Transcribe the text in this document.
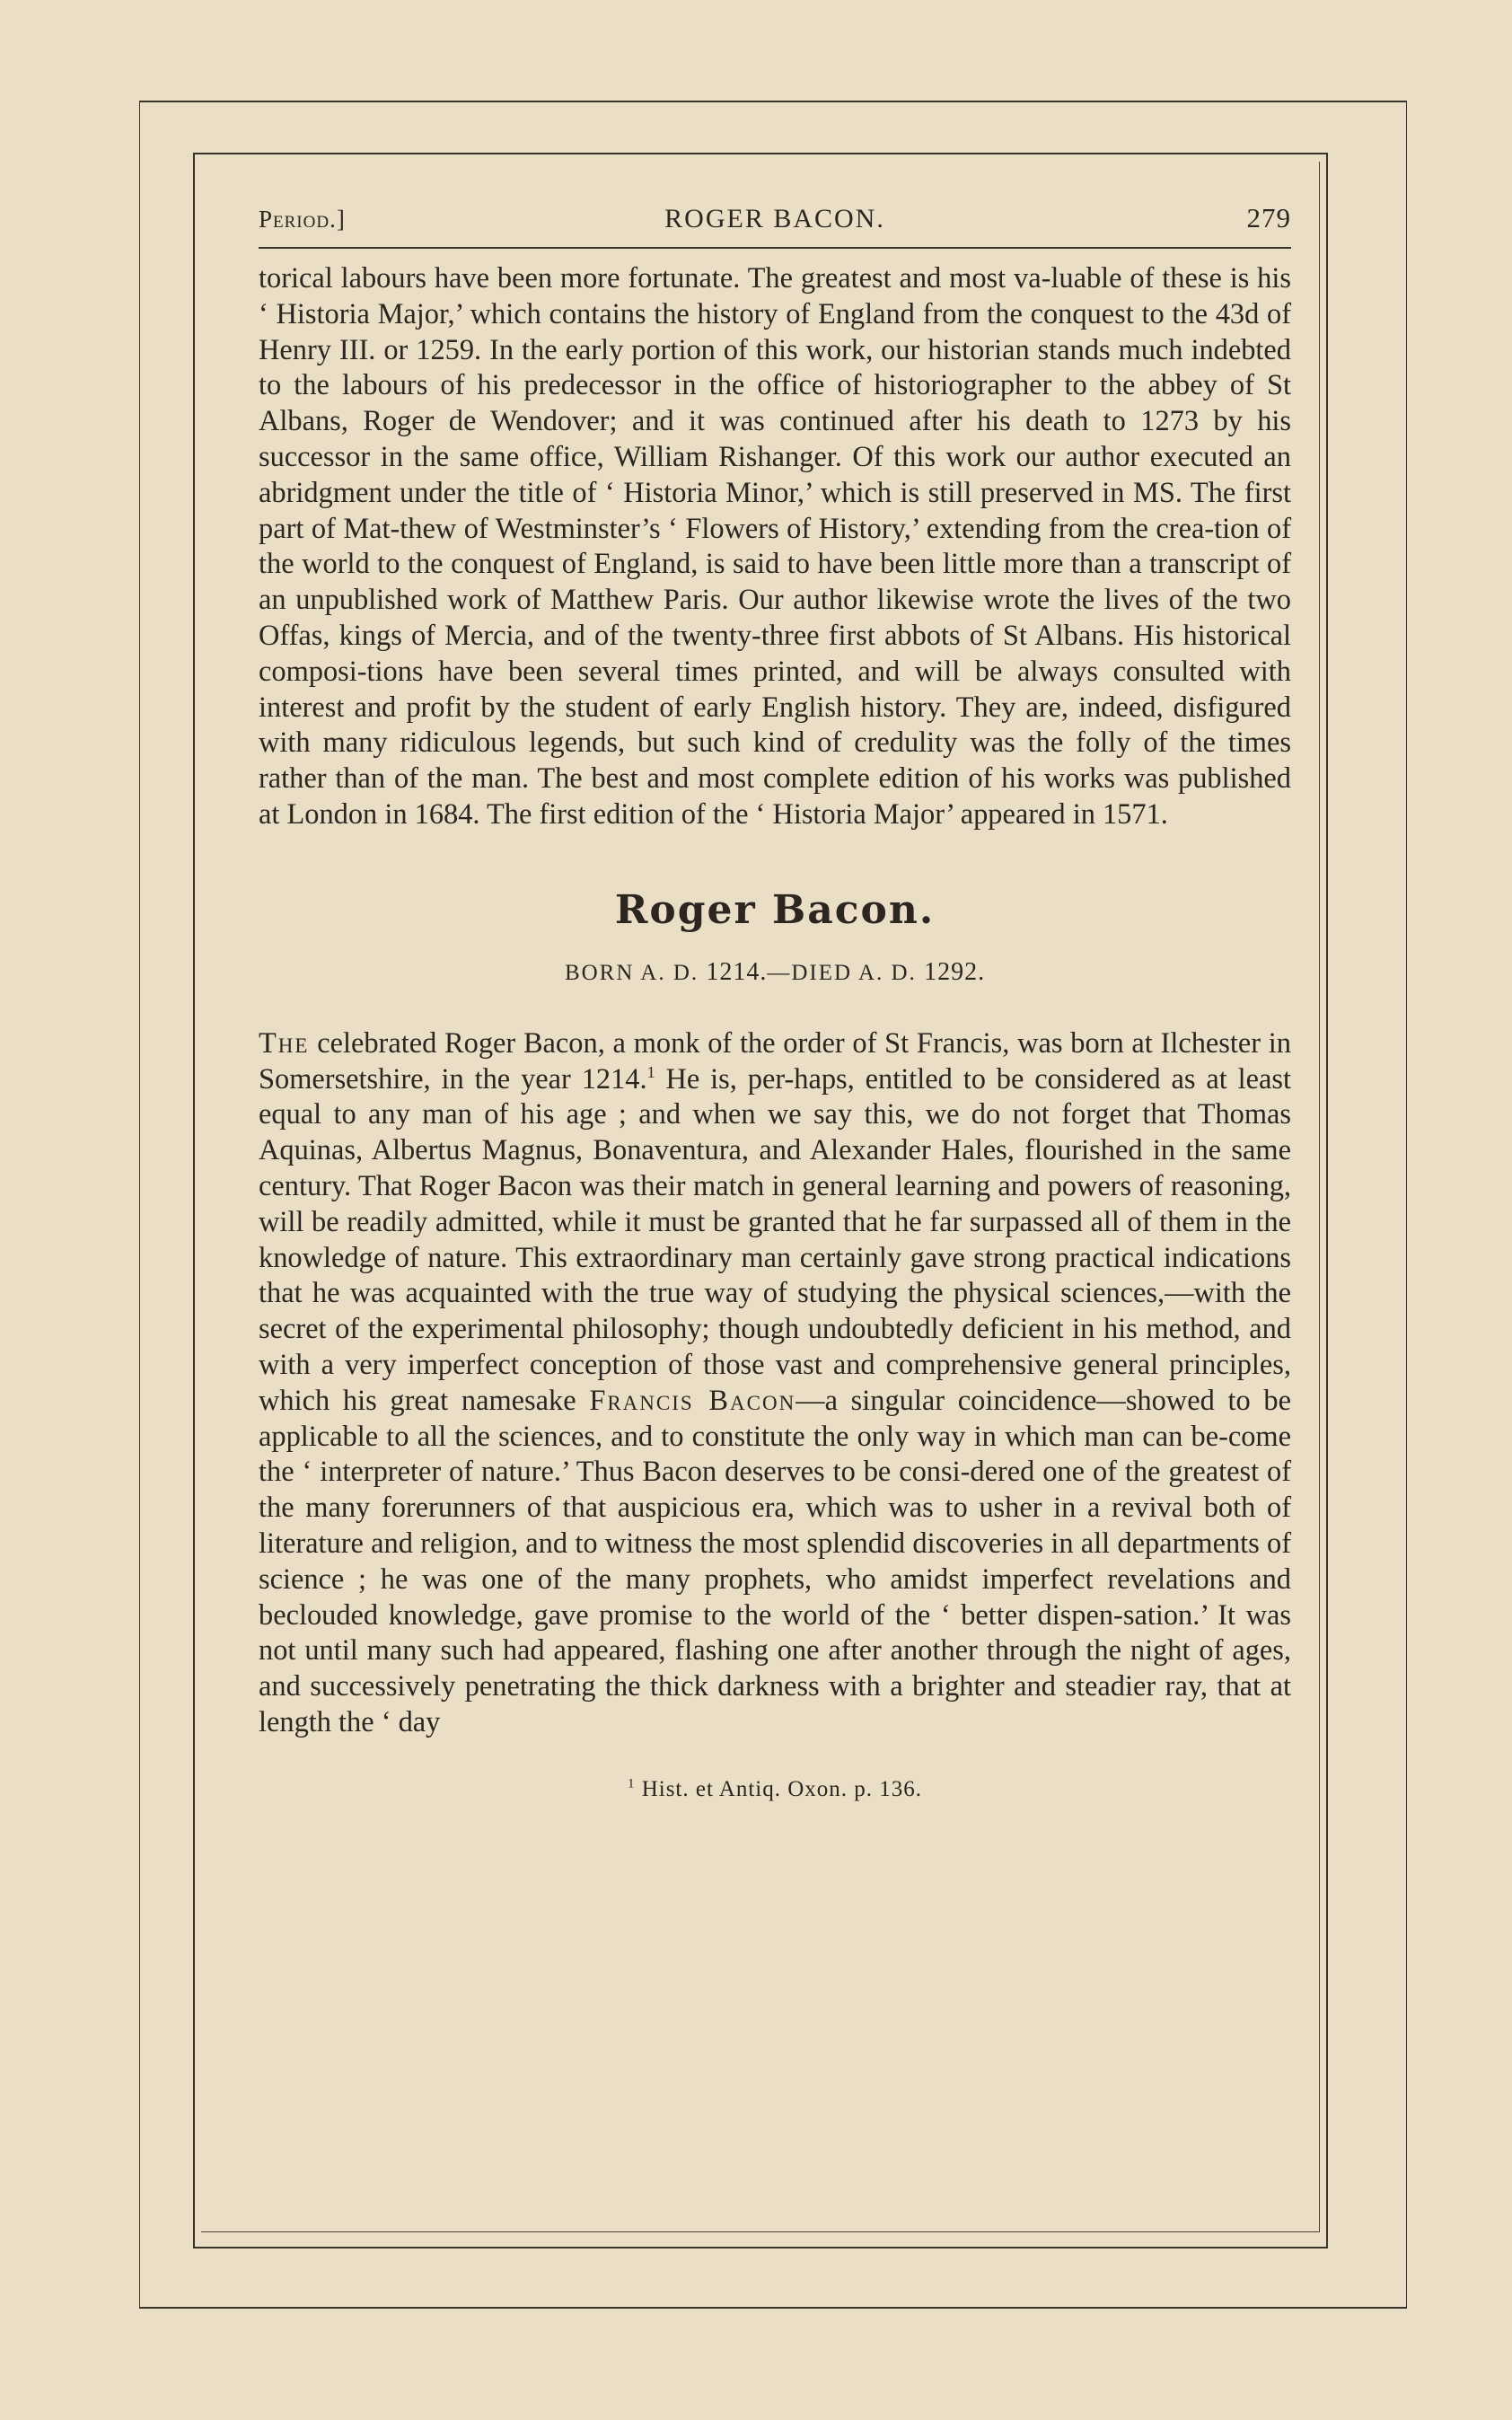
Period.]	ROGER BACON.	279

torical labours have been more fortunate. The greatest and most va-luable of these is his ‘ Historia Major,’ which contains the history of England from the conquest to the 43d of Henry III. or 1259. In the early portion of this work, our historian stands much indebted to the labours of his predecessor in the office of historiographer to the abbey of St Albans, Roger de Wendover; and it was continued after his death to 1273 by his successor in the same office, William Rishanger. Of this work our author executed an abridgment under the title of ‘ Historia Minor,’ which is still preserved in MS. The first part of Mat-thew of Westminster’s ‘ Flowers of History,’ extending from the crea-tion of the world to the conquest of England, is said to have been little more than a transcript of an unpublished work of Matthew Paris. Our author likewise wrote the lives of the two Offas, kings of Mercia, and of the twenty-three first abbots of St Albans. His historical composi-tions have been several times printed, and will be always consulted with interest and profit by the student of early English history. They are, indeed, disfigured with many ridiculous legends, but such kind of credulity was the folly of the times rather than of the man. The best and most complete edition of his works was published at London in 1684. The first edition of the ‘ Historia Major’ appeared in 1571.

Roger Bacon.
BORN A. D. 1214.—DIED A. D. 1292.

The celebrated Roger Bacon, a monk of the order of St Francis, was born at Ilchester in Somersetshire, in the year 1214.$^1$ He is, per-haps, entitled to be considered as at least equal to any man of his age ; and when we say this, we do not forget that Thomas Aquinas, Albertus Magnus, Bonaventura, and Alexander Hales, flourished in the same century. That Roger Bacon was their match in general learning and powers of reasoning, will be readily admitted, while it must be granted that he far surpassed all of them in the knowledge of nature. This extraordinary man certainly gave strong practical indications that he was acquainted with the true way of studying the physical sciences,—with the secret of the experimental philosophy; though undoubtedly deficient in his method, and with a very imperfect conception of those vast and comprehensive general principles, which his great namesake Francis Bacon—a singular coincidence—showed to be applicable to all the sciences, and to constitute the only way in which man can be-come the ‘ interpreter of nature.’ Thus Bacon deserves to be consi-dered one of the greatest of the many forerunners of that auspicious era, which was to usher in a revival both of literature and religion, and to witness the most splendid discoveries in all departments of science ; he was one of the many prophets, who amidst imperfect revelations and beclouded knowledge, gave promise to the world of the ‘ better dispen-sation.’ It was not until many such had appeared, flashing one after another through the night of ages, and successively penetrating the thick darkness with a brighter and steadier ray, that at length the ‘ day

$^1$ Hist. et Antiq. Oxon. p. 136.
